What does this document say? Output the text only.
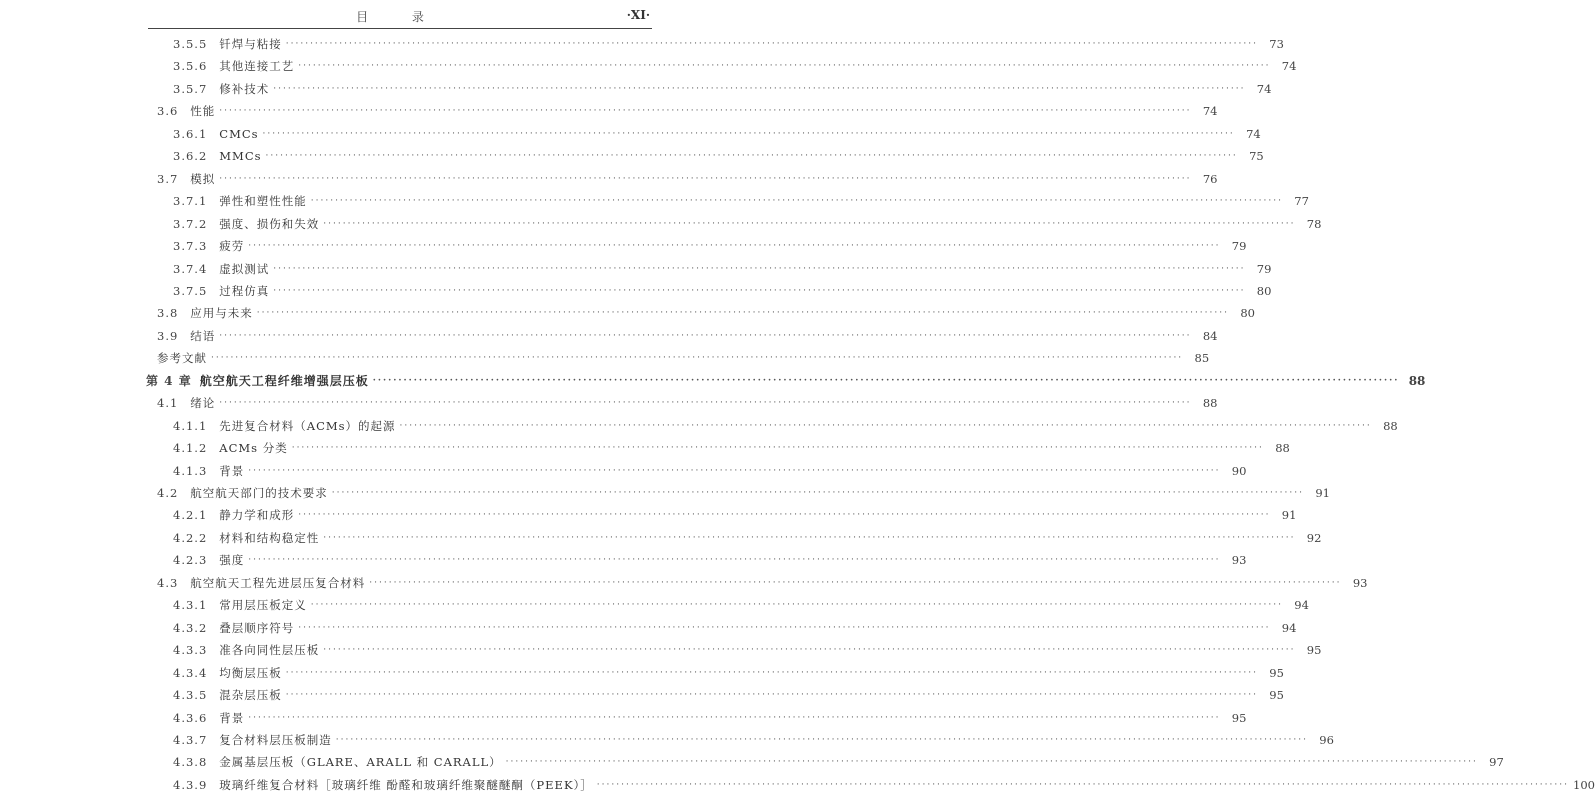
目 录	·XI·
3.5.5 钎焊与粘接 ········································································································································································································ 73
3.5.6 其他连接工艺 ········································································································································································································ 74
3.5.7 修补技术 ········································································································································································································ 74
3.6 性能 ········································································································································································································ 74
3.6.1 CMCs ········································································································································································································ 74
3.6.2 MMCs ········································································································································································································ 75
3.7 模拟 ········································································································································································································ 76
3.7.1 弹性和塑性性能 ········································································································································································································ 77
3.7.2 强度、损伤和失效 ········································································································································································································ 78
3.7.3 疲劳 ········································································································································································································ 79
3.7.4 虚拟测试 ········································································································································································································ 79
3.7.5 过程仿真 ········································································································································································································ 80
3.8 应用与未来 ········································································································································································································ 80
3.9 结语 ········································································································································································································ 84
参考文献 ········································································································································································································ 85
第 4 章 航空航天工程纤维增强层压板 ········································································································································································································ 88
4.1 绪论 ········································································································································································································ 88
4.1.1 先进复合材料（ACMs）的起源 ········································································································································································································ 88
4.1.2 ACMs 分类 ········································································································································································································ 88
4.1.3 背景 ········································································································································································································ 90
4.2 航空航天部门的技术要求 ········································································································································································································ 91
4.2.1 静力学和成形 ········································································································································································································ 91
4.2.2 材料和结构稳定性 ········································································································································································································ 92
4.2.3 强度 ········································································································································································································ 93
4.3 航空航天工程先进层压复合材料 ········································································································································································································ 93
4.3.1 常用层压板定义 ········································································································································································································ 94
4.3.2 叠层顺序符号 ········································································································································································································ 94
4.3.3 准各向同性层压板 ········································································································································································································ 95
4.3.4 均衡层压板 ········································································································································································································ 95
4.3.5 混杂层压板 ········································································································································································································ 95
4.3.6 背景 ········································································································································································································ 95
4.3.7 复合材料层压板制造 ········································································································································································································ 96
4.3.8 金属基层压板（GLARE、ARALL 和 CARALL） ········································································································································································································ 97
4.3.9 玻璃纤维复合材料［玻璃纤维 酚醛和玻璃纤维聚醚醚酮（PEEK）］ ········································································································································································································ 100
